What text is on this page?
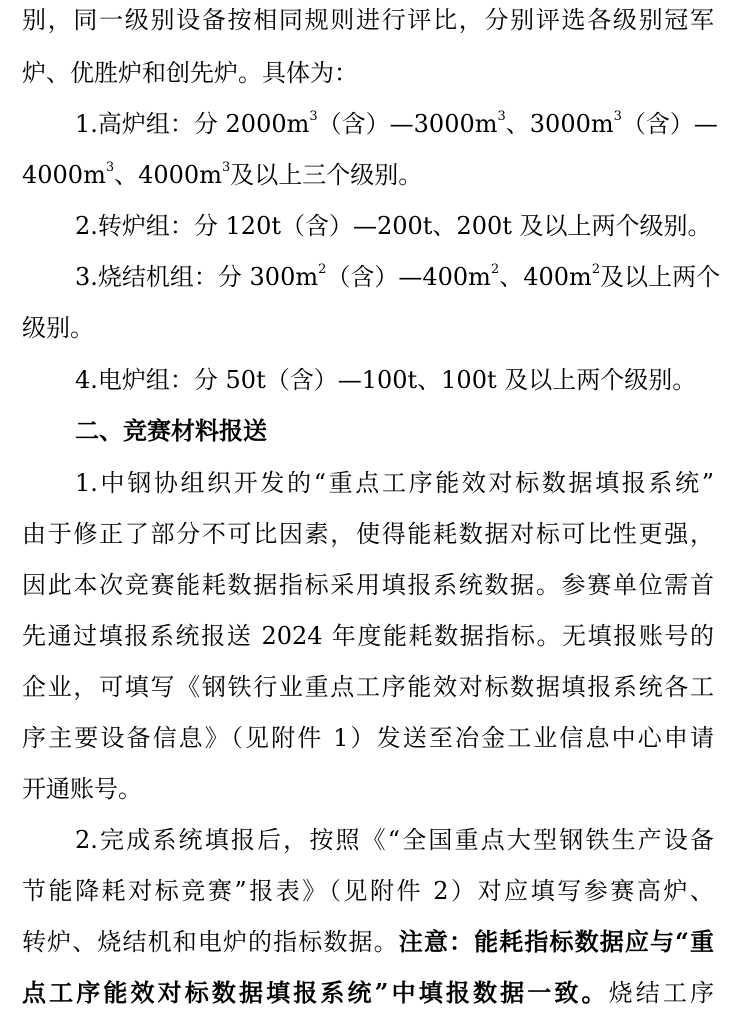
别，同一级别设备按相同规则进行评比，分别评选各级别冠军
炉、优胜炉和创先炉。具体为：
1.高炉组：分 $2000m^3$（含）$—3000m^3$、$3000m^3$（含）—
$4000m^3$、$4000m^3$及以上三个级别。
2.转炉组：分 120t（含）—200t、200t 及以上两个级别。
3.烧结机组：分 $300m^2$（含）$—400m^2$、$400m^2$及以上两个
级别。
4.电炉组：分 50t（含）—100t、100t 及以上两个级别。
二、竞赛材料报送
1.中钢协组织开发的“重点工序能效对标数据填报系统”
由于修正了部分不可比因素，使得能耗数据对标可比性更强，
因此本次竞赛能耗数据指标采用填报系统数据。参赛单位需首
先通过填报系统报送 2024 年度能耗数据指标。无填报账号的
企业，可填写《钢铁行业重点工序能效对标数据填报系统各工
序主要设备信息》（见附件 1）发送至冶金工业信息中心申请
开通账号。
2.完成系统填报后，按照《“全国重点大型钢铁生产设备
节能降耗对标竞赛”报表》（见附件 2）对应填写参赛高炉、
转炉、烧结机和电炉的指标数据。注意：能耗指标数据应与“重
点工序能效对标数据填报系统”中填报数据一致。烧结工序
